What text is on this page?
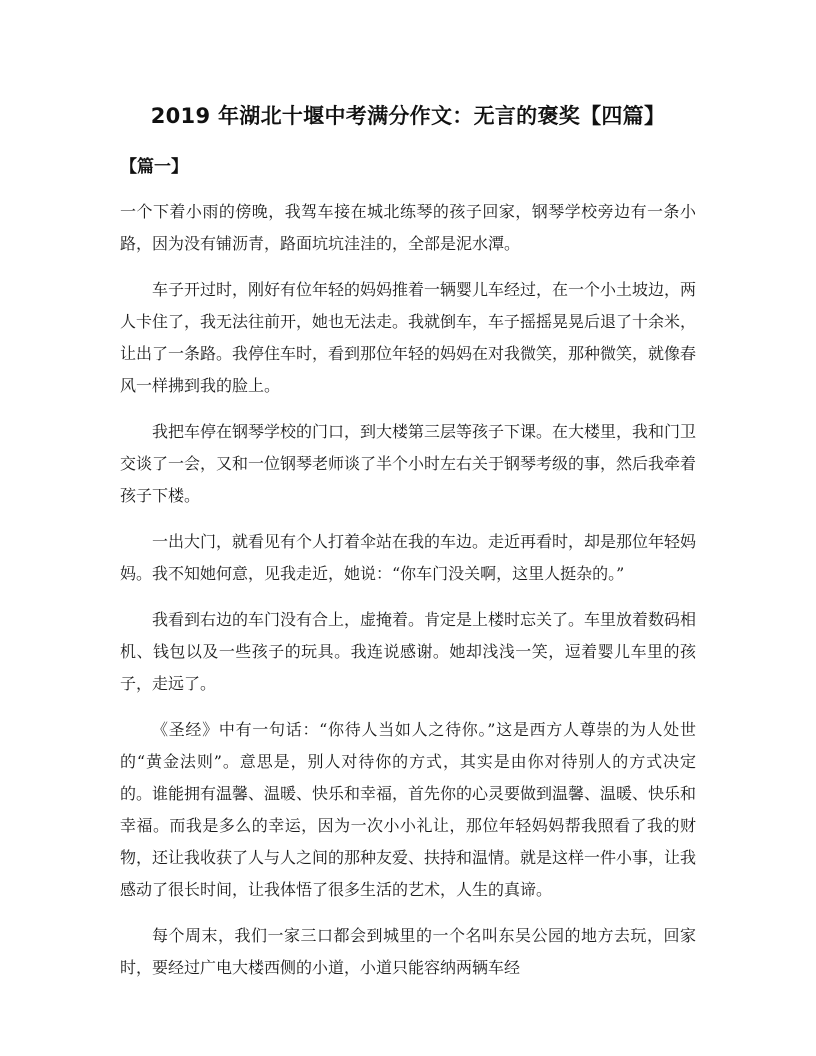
2019 年湖北十堰中考满分作文：无言的褒奖【四篇】
【篇一】

一个下着小雨的傍晚，我驾车接在城北练琴的孩子回家，钢琴学校旁边有一条小路，因为没有铺沥青，路面坑坑洼洼的，全部是泥水潭。

车子开过时，刚好有位年轻的妈妈推着一辆婴儿车经过，在一个小土坡边，两人卡住了，我无法往前开，她也无法走。我就倒车，车子摇摇晃晃后退了十余米，让出了一条路。我停住车时，看到那位年轻的妈妈在对我微笑，那种微笑，就像春风一样拂到我的脸上。

我把车停在钢琴学校的门口，到大楼第三层等孩子下课。在大楼里，我和门卫交谈了一会，又和一位钢琴老师谈了半个小时左右关于钢琴考级的事，然后我牵着孩子下楼。

一出大门，就看见有个人打着伞站在我的车边。走近再看时，却是那位年轻妈妈。我不知她何意，见我走近，她说：“你车门没关啊，这里人挺杂的。”

我看到右边的车门没有合上，虚掩着。肯定是上楼时忘关了。车里放着数码相机、钱包以及一些孩子的玩具。我连说感谢。她却浅浅一笑，逗着婴儿车里的孩子，走远了。

《圣经》中有一句话：“你待人当如人之待你。”这是西方人尊崇的为人处世的“黄金法则”。意思是，别人对待你的方式，其实是由你对待别人的方式决定的。谁能拥有温馨、温暖、快乐和幸福，首先你的心灵要做到温馨、温暖、快乐和幸福。而我是多么的幸运，因为一次小小礼让，那位年轻妈妈帮我照看了我的财物，还让我收获了人与人之间的那种友爱、扶持和温情。就是这样一件小事，让我感动了很长时间，让我体悟了很多生活的艺术，人生的真谛。

每个周末，我们一家三口都会到城里的一个名叫东吴公园的地方去玩，回家时，要经过广电大楼西侧的小道，小道只能容纳两辆车经
